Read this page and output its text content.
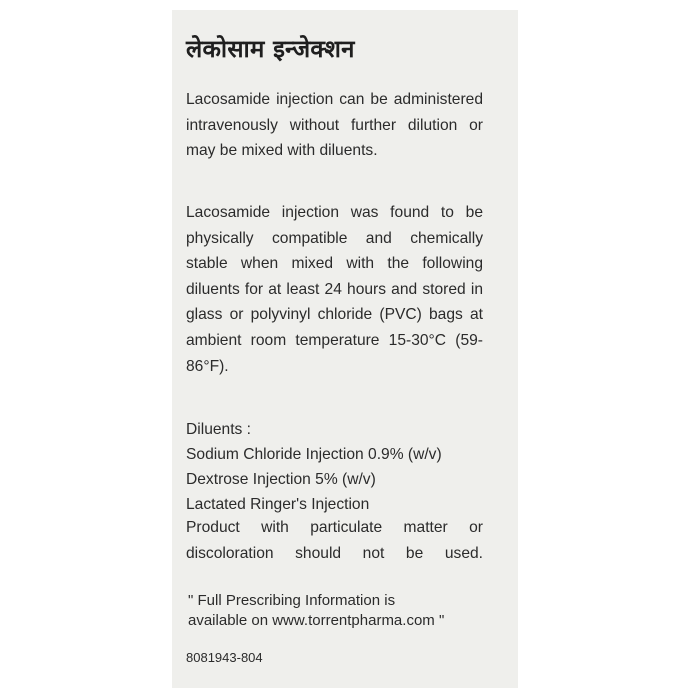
लेकोसाम इन्जेक्शन
Lacosamide injection can be administered intravenously without further dilution or may be mixed with diluents.
Lacosamide injection was found to be physically compatible and chemically stable when mixed with the following diluents for at least 24 hours and stored in glass or polyvinyl chloride (PVC) bags at ambient room temperature 15-30°C (59-86°F).
Diluents :
Sodium Chloride Injection 0.9% (w/v)
Dextrose Injection 5% (w/v)
Lactated Ringer's Injection
Product with particulate matter or
discoloration should not be used.
" Full Prescribing Information is
available on www.torrentpharma.com "
8081943-804
